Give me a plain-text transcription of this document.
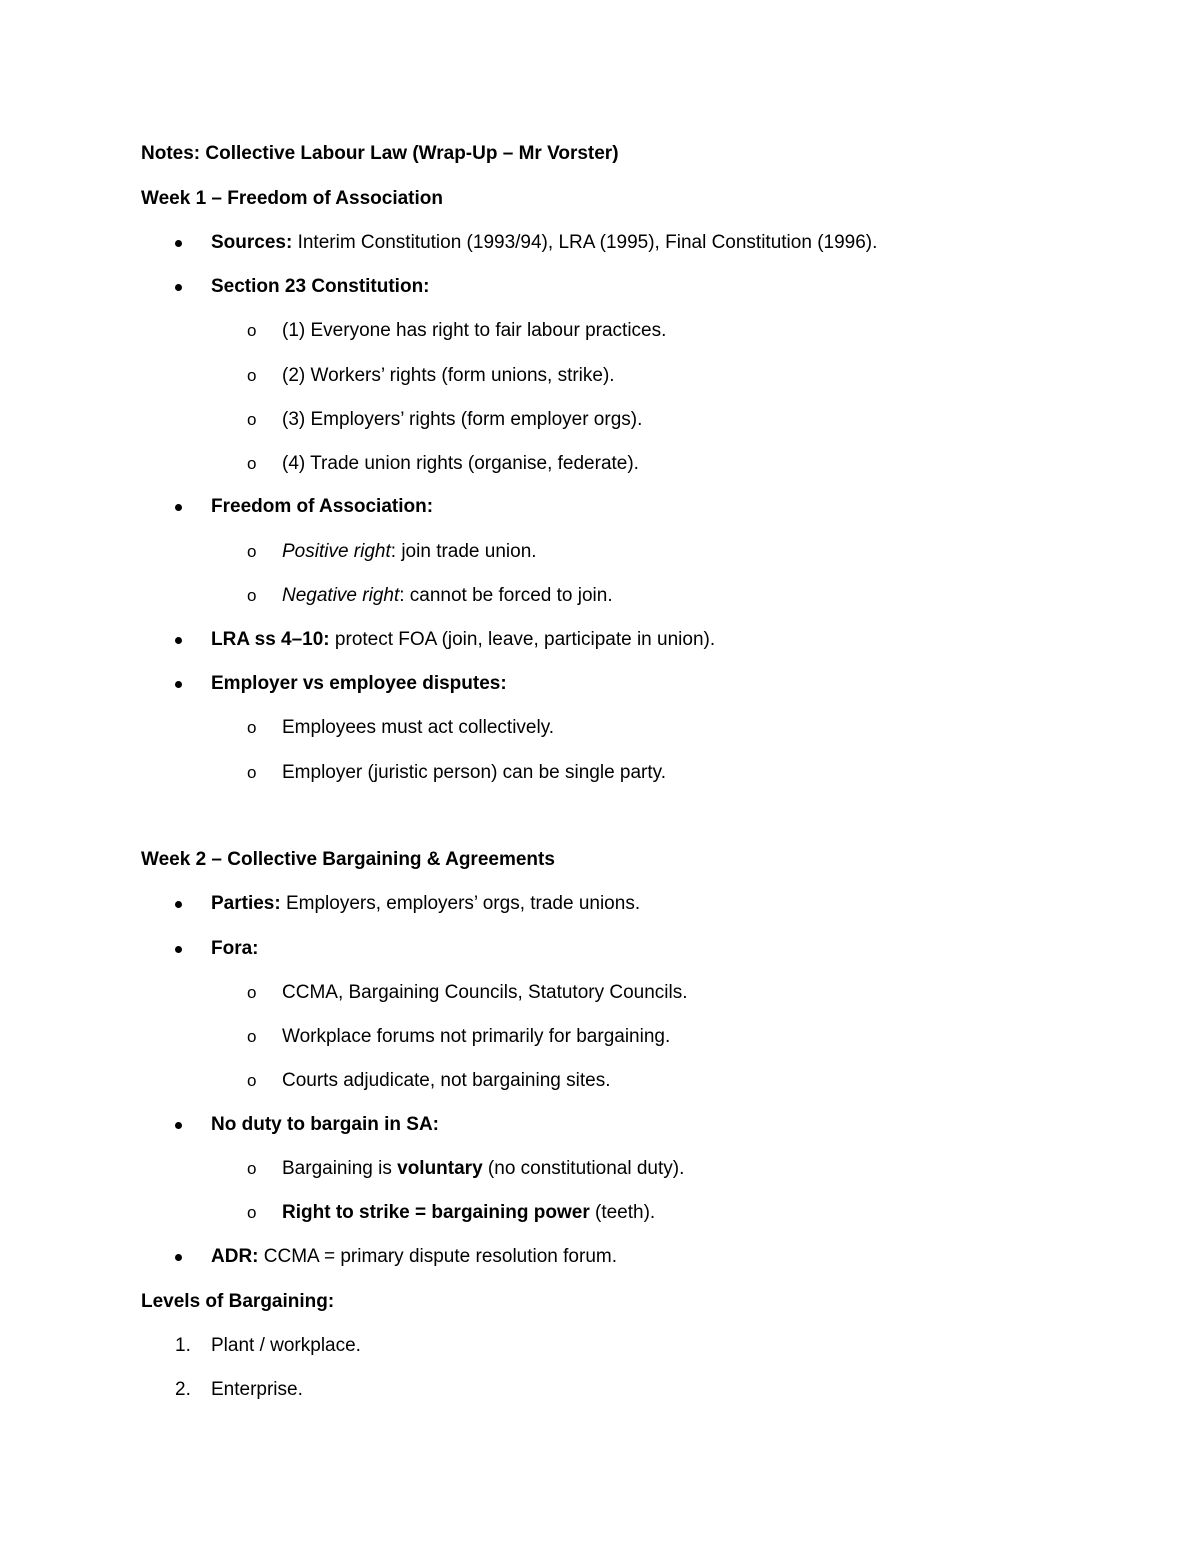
Notes: Collective Labour Law (Wrap-Up – Mr Vorster)
Week 1 – Freedom of Association
Sources: Interim Constitution (1993/94), LRA (1995), Final Constitution (1996).
Section 23 Constitution:
o (1) Everyone has right to fair labour practices.
o (2) Workers’ rights (form unions, strike).
o (3) Employers’ rights (form employer orgs).
o (4) Trade union rights (organise, federate).
Freedom of Association:
o Positive right: join trade union.
o Negative right: cannot be forced to join.
LRA ss 4–10: protect FOA (join, leave, participate in union).
Employer vs employee disputes:
o Employees must act collectively.
o Employer (juristic person) can be single party.
Week 2 – Collective Bargaining & Agreements
Parties: Employers, employers’ orgs, trade unions.
Fora:
o CCMA, Bargaining Councils, Statutory Councils.
o Workplace forums not primarily for bargaining.
o Courts adjudicate, not bargaining sites.
No duty to bargain in SA:
o Bargaining is voluntary (no constitutional duty).
o Right to strike = bargaining power (teeth).
ADR: CCMA = primary dispute resolution forum.
Levels of Bargaining:
1. Plant / workplace.
2. Enterprise.
